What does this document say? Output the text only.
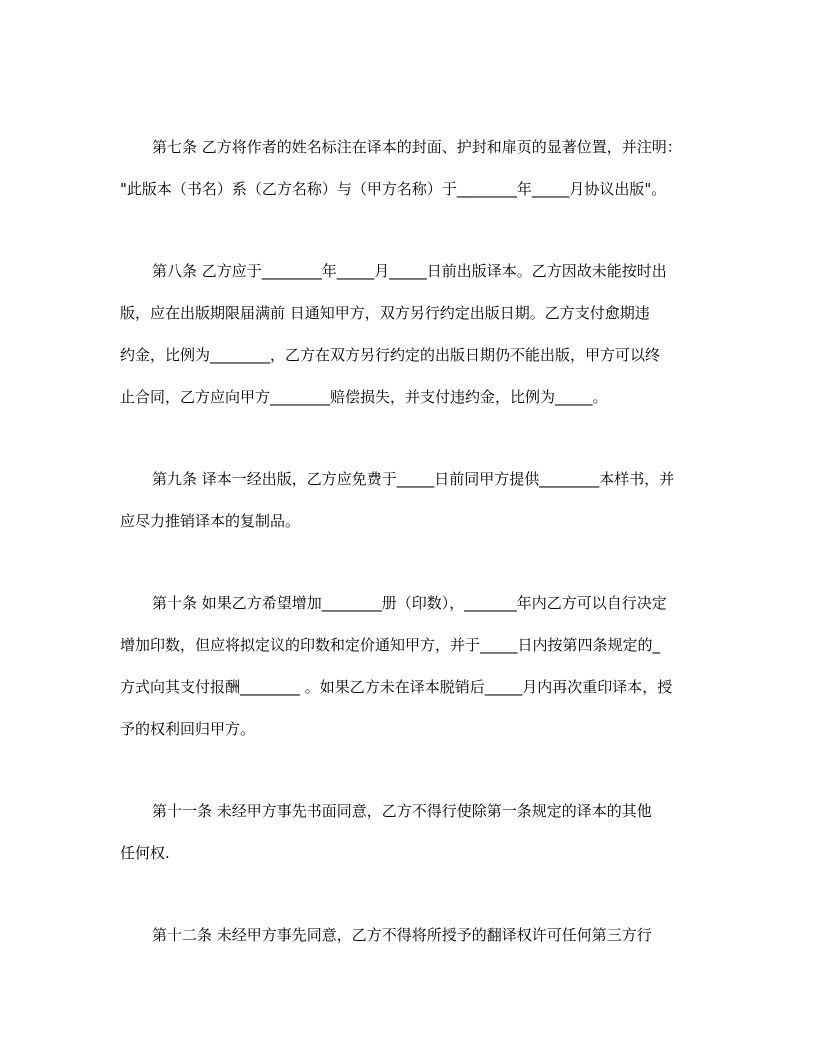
第七条 乙方将作者的姓名标注在译本的封面、护封和扉页的显著位置，并注明：
"此版本（书名）系（乙方名称）与（甲方名称）于________年_____月协议出版"。
第八条 乙方应于________年_____月_____日前出版译本。乙方因故未能按时出
版，应在出版期限届满前 日通知甲方，双方另行约定出版日期。乙方支付愈期违
约金，比例为________，乙方在双方另行约定的出版日期仍不能出版，甲方可以终
止合同，乙方应向甲方________赔偿损失，并支付违约金，比例为_____。
第九条 译本一经出版，乙方应免费于_____日前同甲方提供________本样书，并
应尽力推销译本的复制品。
第十条 如果乙方希望增加________册（印数），_______年内乙方可以自行决定
增加印数，但应将拟定议的印数和定价通知甲方，并于_____日内按第四条规定的_
方式向其支付报酬________ 。如果乙方未在译本脱销后_____月内再次重印译本，授
予的权利回归甲方。
第十一条 未经甲方事先书面同意，乙方不得行使除第一条规定的译本的其他
任何权.
第十二条 未经甲方事先同意，乙方不得将所授予的翻译权许可任何第三方行
